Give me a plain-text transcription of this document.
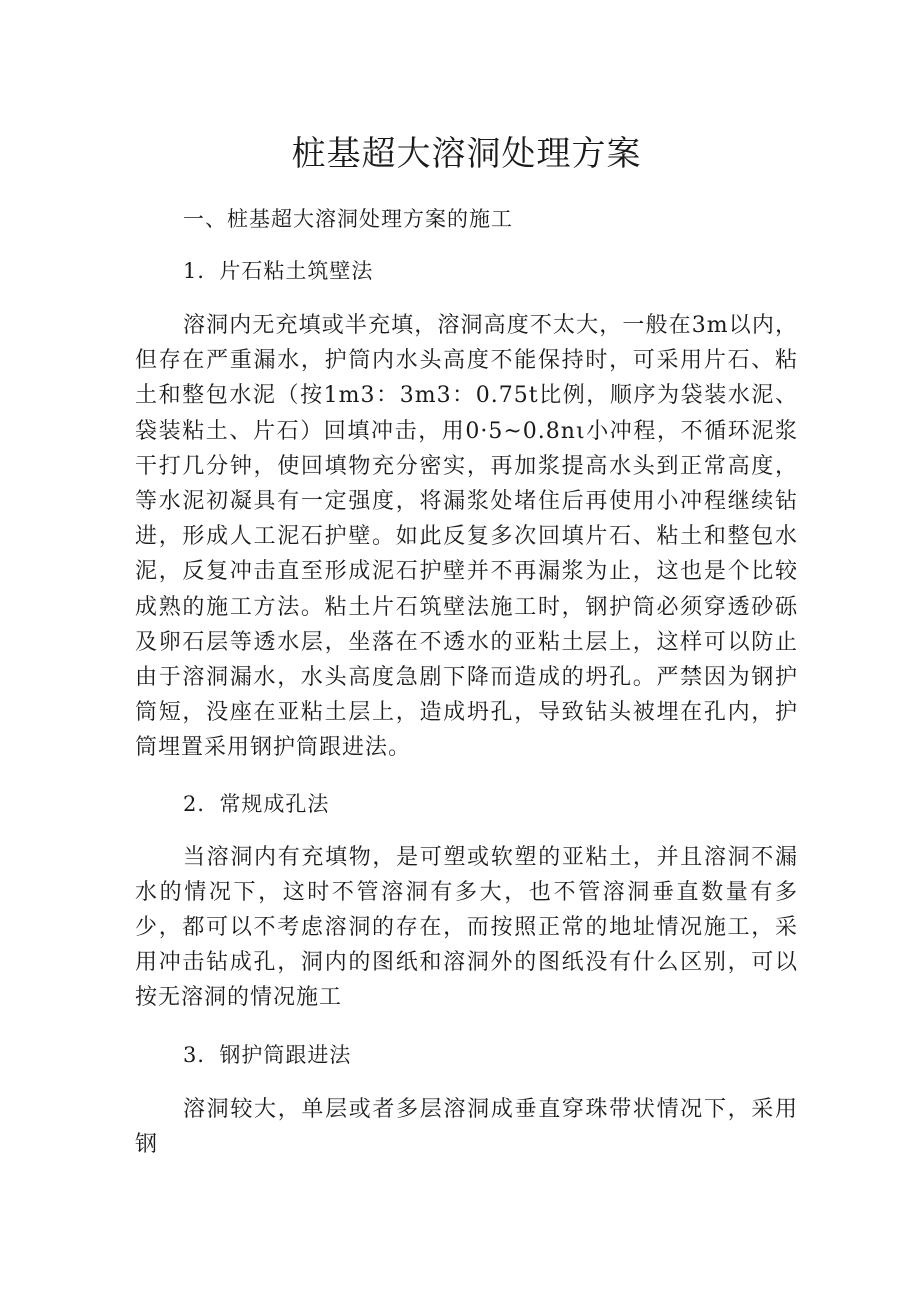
桩基超大溶洞处理方案

一、桩基超大溶洞处理方案的施工

1．片石粘土筑壁法

溶洞内无充填或半充填，溶洞高度不太大，一般在3m以内，但存在严重漏水，护筒内水头高度不能保持时，可采用片石、粘土和整包水泥（按1m3：3m3：0.75t比例，顺序为袋装水泥、袋装粘土、片石）回填冲击，用0·5~0.8nι小冲程，不循环泥浆干打几分钟，使回填物充分密实，再加浆提高水头到正常高度，等水泥初凝具有一定强度，将漏浆处堵住后再使用小冲程继续钻进，形成人工泥石护壁。如此反复多次回填片石、粘土和整包水泥，反复冲击直至形成泥石护壁并不再漏浆为止，这也是个比较成熟的施工方法。粘土片石筑壁法施工时，钢护筒必须穿透砂砾及卵石层等透水层，坐落在不透水的亚粘土层上，这样可以防止由于溶洞漏水，水头高度急剧下降而造成的坍孔。严禁因为钢护筒短，没座在亚粘土层上，造成坍孔，导致钻头被埋在孔内，护筒埋置采用钢护筒跟进法。

2．常规成孔法

当溶洞内有充填物，是可塑或软塑的亚粘土，并且溶洞不漏水的情况下，这时不管溶洞有多大，也不管溶洞垂直数量有多少，都可以不考虑溶洞的存在，而按照正常的地址情况施工，采用冲击钻成孔，洞内的图纸和溶洞外的图纸没有什么区别，可以按无溶洞的情况施工

3．钢护筒跟进法

溶洞较大，单层或者多层溶洞成垂直穿珠带状情况下，采用钢
